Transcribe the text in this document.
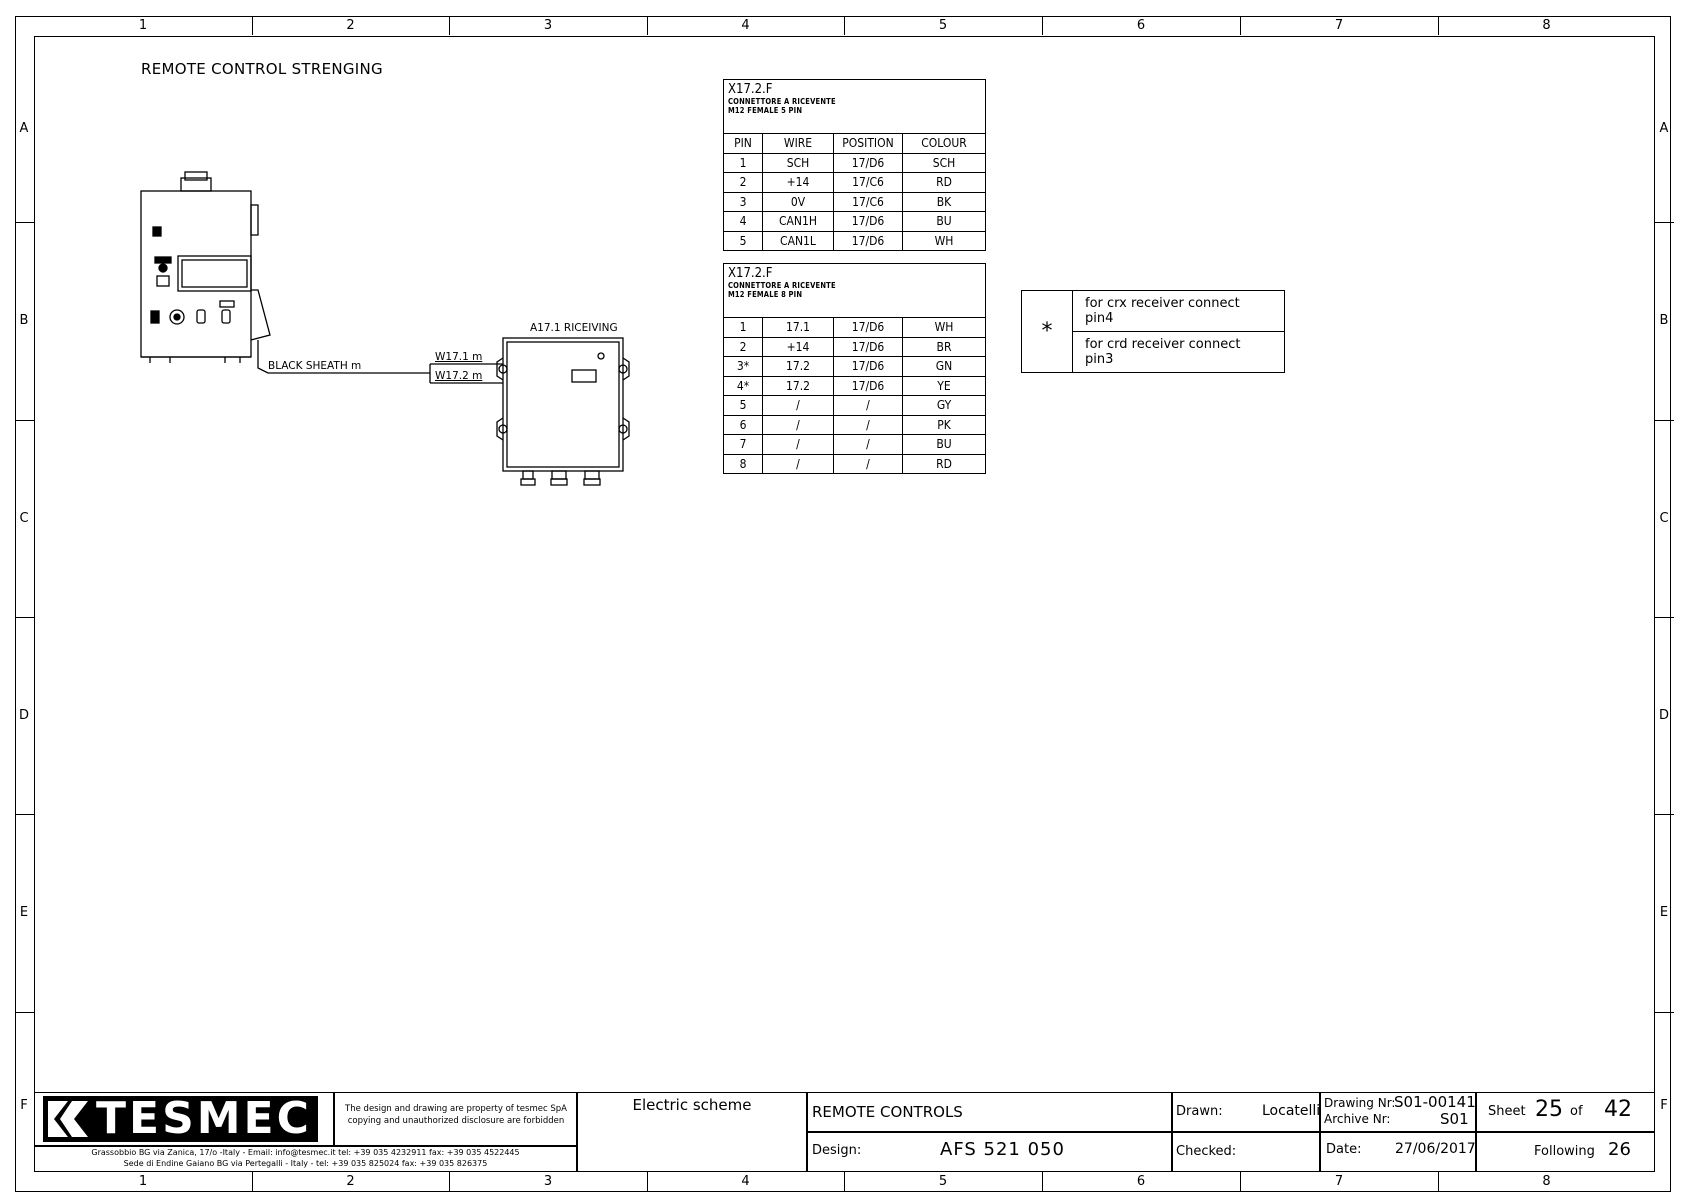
1	2	3	4	5	6	7	8
1	2	3	4	5	6	7	8
A
B
C
D
E
F
A
B
C
D
E
F
REMOTE CONTROL STRENGING
A17.1 RICEIVING
BLACK SHEATH m
W17.1 m
W17.2 m
X17.2.F
CONNETTORE A RICEVENTE
M12 FEMALE 5 PIN			

PIN	WIRE	POSITION	COLOUR
1	SCH	17/D6	SCH
2	+14	17/C6	RD
3	0V	17/C6	BK
4	CAN1H	17/D6	BU
5	CAN1L	17/D6	WH
X17.2.F
CONNETTORE A RICEVENTE
M12 FEMALE 8 PIN			

1	17.1	17/D6	WH
2	+14	17/D6	BR
3*	17.2	17/D6	GN
4*	17.2	17/D6	YE
5	/	/	GY
6	/	/	PK
7	/	/	BU
8	/	/	RD
*	for crx receiver connect pin4
for crd receiver connect pin3
TESMEC	The design and drawing are property of tesmec SpA
copying and unauthorized disclosure are forbidden
Grassobbio BG via Zanica, 17/o -Italy - Email: info@tesmec.it tel: +39 035 4232911 fax: +39 035 4522445
Sede di Endine Gaiano BG via Pertegalli - Italy - tel: +39 035 825024 fax: +39 035 826375
Electric scheme	REMOTE CONTROLS
Design:	AFS 521 050
Drawn:	Locatelli
Checked:
Drawing Nr:
S01-00141
Archive Nr:	S01
Date: 27/06/2017
Sheet 25 of 42
Following 26
